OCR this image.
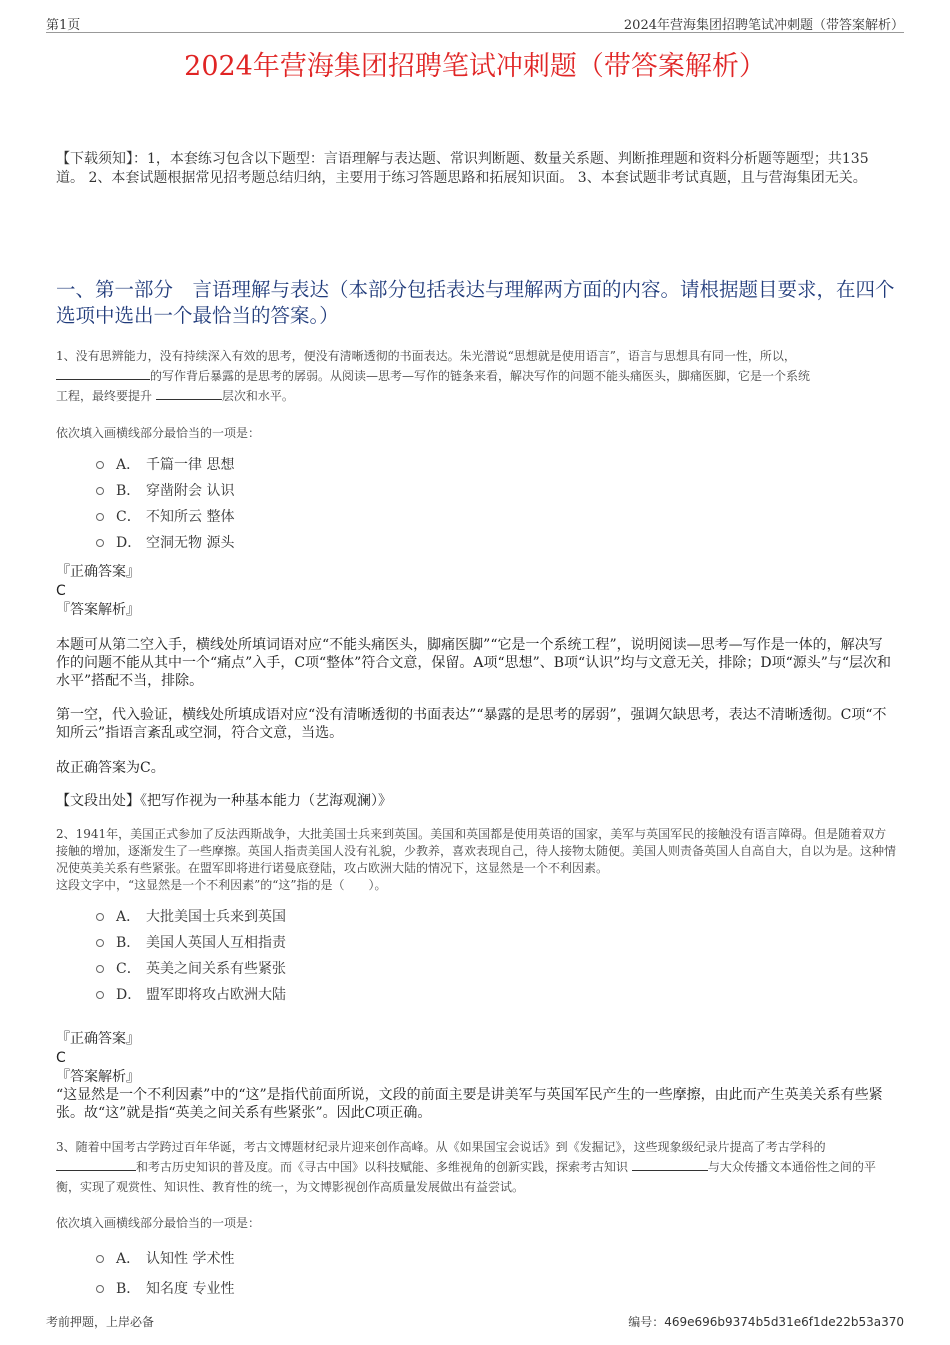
第1页	2024年营海集团招聘笔试冲刺题（带答案解析）
2024年营海集团招聘笔试冲刺题（带答案解析）
【下载须知】：1，本套练习包含以下题型：言语理解与表达题、常识判断题、数量关系题、判断推理题和资料分析题等题型；共135道。 2、本套试题根据常见招考题总结归纳，主要用于练习答题思路和拓展知识面。 3、本套试题非考试真题，且与营海集团无关。
一、第一部分　言语理解与表达（本部分包括表达与理解两方面的内容。请根据题目要求，在四个选项中选出一个最恰当的答案。）
1、没有思辨能力，没有持续深入有效的思考，便没有清晰透彻的书面表达。朱光潜说“思想就是使用语言”，语言与思想具有同一性，所以，
的写作背后暴露的是思考的孱弱。从阅读—思考—写作的链条来看，解决写作的问题不能头痛医头，脚痛医脚，它是一个系统
工程，最终要提升	层次和水平。
依次填入画横线部分最恰当的一项是：
A． 千篇一律 思想
B． 穿凿附会 认识
C． 不知所云 整体
D． 空洞无物 源头
『正确答案』
C
『答案解析』
本题可从第二空入手，横线处所填词语对应“不能头痛医头，脚痛医脚”“它是一个系统工程”，说明阅读—思考—写作是一体的，解决写作的问题不能从其中一个“痛点”入手，C项“整体”符合文意，保留。A项“思想”、B项“认识”均与文意无关，排除；D项“源头”与“层次和水平”搭配不当，排除。
第一空，代入验证，横线处所填成语对应“没有清晰透彻的书面表达”“暴露的是思考的孱弱”，强调欠缺思考，表达不清晰透彻。C项“不知所云”指语言紊乱或空洞，符合文意，当选。
故正确答案为C。
【文段出处】《把写作视为一种基本能力（艺海观澜）》
2、1941年，美国正式参加了反法西斯战争，大批美国士兵来到英国。美国和英国都是使用英语的国家，美军与英国军民的接触没有语言障碍。但是随着双方接触的增加，逐渐发生了一些摩擦。英国人指责美国人没有礼貌，少教养，喜欢表现自己，待人接物太随便。美国人则责备英国人自高自大，自以为是。这种情况使英美关系有些紧张。在盟军即将进行诺曼底登陆，攻占欧洲大陆的情况下，这显然是一个不利因素。
这段文字中，“这显然是一个不利因素”的“这”指的是（　　）。
A． 大批美国士兵来到英国
B． 美国人英国人互相指责
C． 英美之间关系有些紧张
D． 盟军即将攻占欧洲大陆
『正确答案』
C
『答案解析』
“这显然是一个不利因素”中的“这”是指代前面所说，文段的前面主要是讲美军与英国军民产生的一些摩擦，由此而产生英美关系有些紧张。故“这”就是指“英美之间关系有些紧张”。因此C项正确。
3、随着中国考古学跨过百年华诞，考古文博题材纪录片迎来创作高峰。从《如果国宝会说话》到《发掘记》，这些现象级纪录片提高了考古学科的 和考古历史知识的普及度。而《寻古中国》以科技赋能、多维视角的创新实践，探索考古知识	与大众传播文本通俗性之间的平衡，实现了观赏性、知识性、教育性的统一，为文博影视创作高质量发展做出有益尝试。
依次填入画横线部分最恰当的一项是：
A． 认知性 学术性
B． 知名度 专业性
考前押题，上岸必备	编号：469e696b9374b5d31e6f1de22b53a370
